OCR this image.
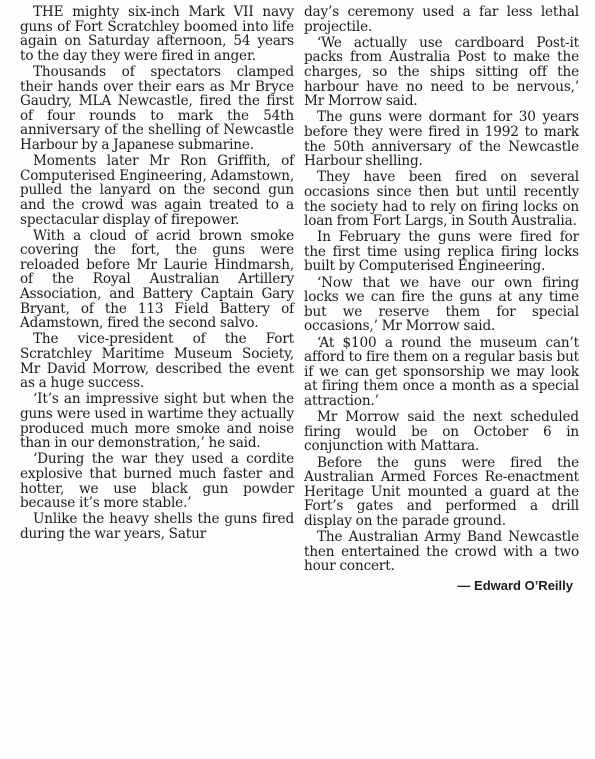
THE mighty six-inch Mark VII navy guns of Fort Scratchley boomed into life again on Saturday afternoon, 54 years to the day they were fired in anger.

Thousands of spectators clamped their hands over their ears as Mr Bryce Gaudry, MLA Newcastle, fired the first of four rounds to mark the 54th anniversary of the shelling of Newcastle Harbour by a Japanese submarine.

Moments later Mr Ron Griffith, of Computerised Engineering, Adamstown, pulled the lanyard on the second gun and the crowd was again treated to a spectacular display of firepower.

With a cloud of acrid brown smoke covering the fort, the guns were reloaded before Mr Laurie Hindmarsh, of the Royal Australian Artillery Association, and Battery Captain Gary Bryant, of the 113 Field Battery of Adamstown, fired the second salvo.

The vice-president of the Fort Scratchley Maritime Museum Society, Mr David Morrow, described the event as a huge success.

‘It’s an impressive sight but when the guns were used in wartime they actually produced much more smoke and noise than in our demonstration,’ he said.

‘During the war they used a cordite explosive that burned much faster and hotter, we use black gun powder because it’s more stable.’

Unlike the heavy shells the guns fired during the war years, Satur

day’s ceremony used a far less lethal projectile.

‘We actually use cardboard Post-it packs from Australia Post to make the charges, so the ships sitting off the harbour have no need to be nervous,’ Mr Morrow said.

The guns were dormant for 30 years before they were fired in 1992 to mark the 50th anniversary of the Newcastle Harbour shelling.

They have been fired on several occasions since then but until recently the society had to rely on firing locks on loan from Fort Largs, in South Australia.

In February the guns were fired for the first time using replica firing locks built by Computerised Engineering.

‘Now that we have our own firing locks we can fire the guns at any time but we reserve them for special occasions,’ Mr Morrow said.

‘At $100 a round the museum can’t afford to fire them on a regular basis but if we can get sponsorship we may look at firing them once a month as a special attraction.’

Mr Morrow said the next scheduled firing would be on October 6 in conjunction with Mattara.

Before the guns were fired the Australian Armed Forces Re-enactment Heritage Unit mounted a guard at the Fort’s gates and performed a drill display on the parade ground.

The Australian Army Band Newcastle then entertained the crowd with a two hour concert.

— Edward O’Reilly
